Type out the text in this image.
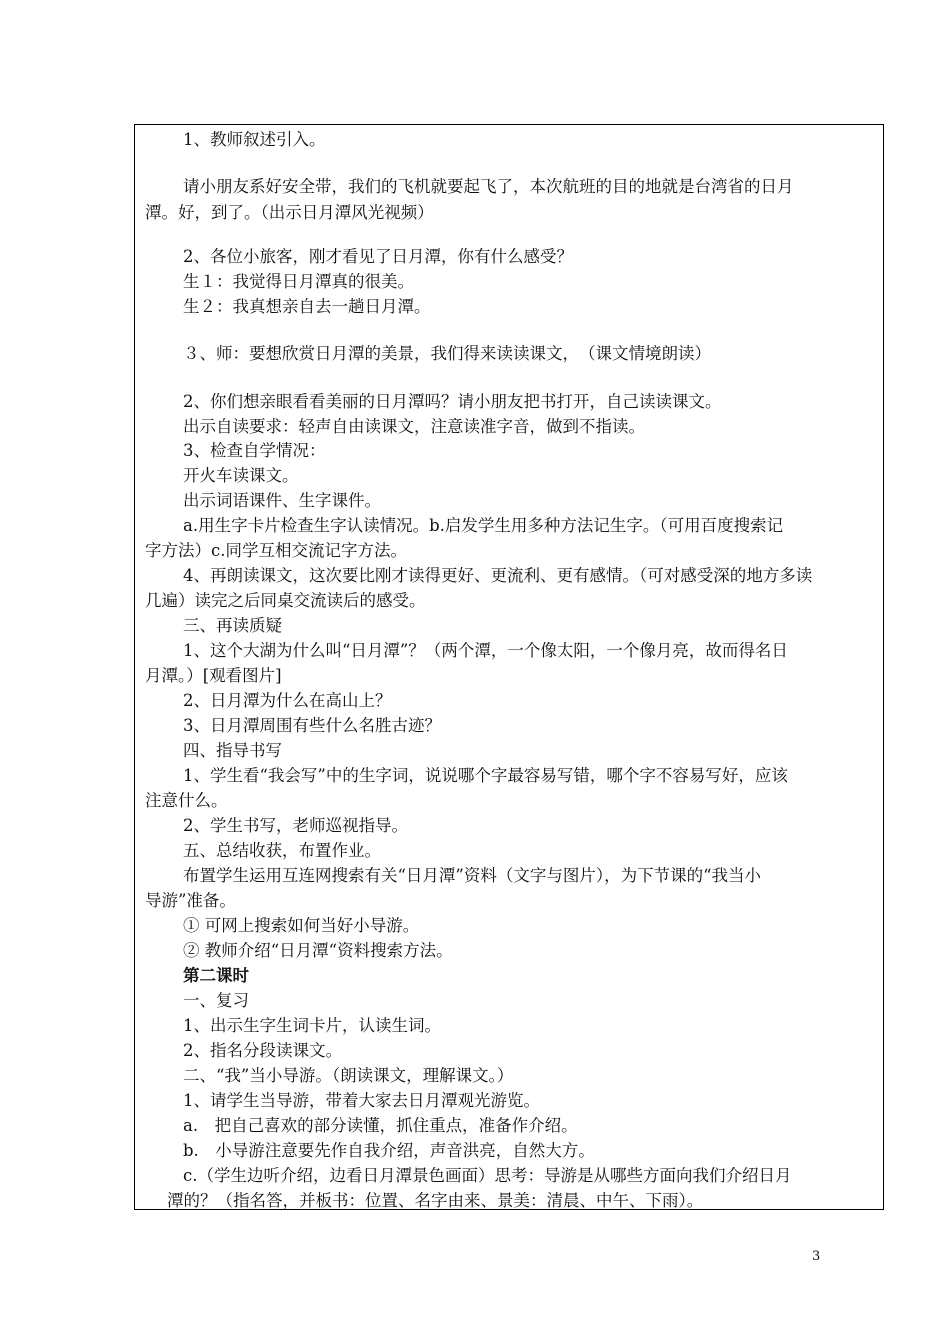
1、教师叙述引入。
请小朋友系好安全带，我们的飞机就要起飞了，本次航班的目的地就是台湾省的日月
潭。好，到了。（出示日月潭风光视频）
2、各位小旅客，刚才看见了日月潭，你有什么感受？
生１：我觉得日月潭真的很美。
生２：我真想亲自去一趟日月潭。
３、师：要想欣赏日月潭的美景，我们得来读读课文，　（课文情境朗读）
2、你们想亲眼看看美丽的日月潭吗？请小朋友把书打开，自己读读课文。
出示自读要求：轻声自由读课文，注意读准字音，做到不指读。
3、检查自学情况：
开火车读课文。
出示词语课件、生字课件。
a.用生字卡片检查生字认读情况。b.启发学生用多种方法记生字。（可用百度搜索记
字方法）c.同学互相交流记字方法。
4、再朗读课文，这次要比刚才读得更好、更流利、更有感情。（可对感受深的地方多读
几遍）读完之后同桌交流读后的感受。
三、再读质疑
1、这个大湖为什么叫“日月潭”？（两个潭，一个像太阳，一个像月亮，故而得名日
月潭。）[观看图片]
2、日月潭为什么在高山上？
3、日月潭周围有些什么名胜古迹？
四、指导书写
1、学生看“我会写”中的生字词，说说哪个字最容易写错，哪个字不容易写好，应该
注意什么。
2、学生书写，老师巡视指导。
五、总结收获，布置作业。
布置学生运用互连网搜索有关“日月潭”资料（文字与图片），为下节课的“我当小
导游”准备。
① 可网上搜索如何当好小导游。
② 教师介绍“日月潭“资料搜索方法。
第二课时
一、复习
1、出示生字生词卡片，认读生词。
2、指名分段读课文。
二、“我”当小导游。（朗读课文，理解课文。）
1、请学生当导游，带着大家去日月潭观光游览。
a.　把自己喜欢的部分读懂，抓住重点，准备作介绍。
b.　小导游注意要先作自我介绍，声音洪亮，自然大方。
c.（学生边听介绍，边看日月潭景色画面）思考：导游是从哪些方面向我们介绍日月
潭的？（指名答，并板书：位置、名字由来、景美：清晨、中午、下雨）。
3
